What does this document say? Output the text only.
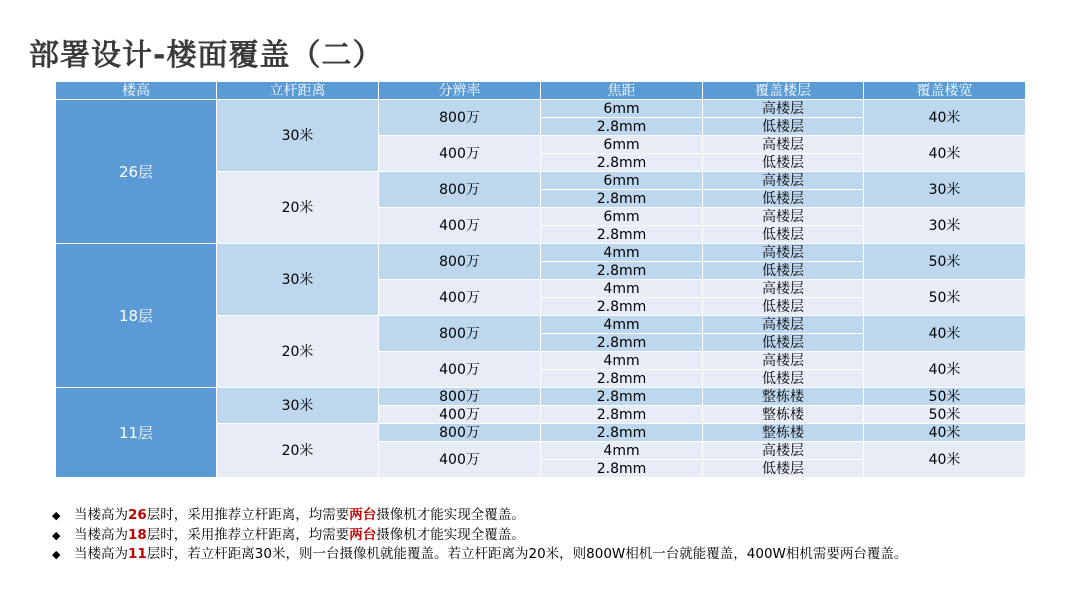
部署设计-楼面覆盖（二）
楼高	立杆距离	分辨率	焦距	覆盖楼层	覆盖楼宽
26层	30米	800万	6mm	高楼层	40米
			2.8mm	低楼层	
		400万	6mm	高楼层	40米
			2.8mm	低楼层	
	20米	800万	6mm	高楼层	30米
			2.8mm	低楼层	
		400万	6mm	高楼层	30米
			2.8mm	低楼层	
18层	30米	800万	4mm	高楼层	50米
			2.8mm	低楼层	
		400万	4mm	高楼层	50米
			2.8mm	低楼层	
	20米	800万	4mm	高楼层	40米
			2.8mm	低楼层	
		400万	4mm	高楼层	40米
			2.8mm	低楼层	
11层	30米	800万	2.8mm	整栋楼	50米
		400万	2.8mm	整栋楼	50米
	20米	800万	2.8mm	整栋楼	40米
		400万	4mm	高楼层	40米
			2.8mm	低楼层	
◆ 当楼高为26层时，采用推荐立杆距离，均需要两台摄像机才能实现全覆盖。
◆ 当楼高为18层时，采用推荐立杆距离，均需要两台摄像机才能实现全覆盖。
◆ 当楼高为11层时，若立杆距离30米，则一台摄像机就能覆盖。若立杆距离为20米，则800W相机一台就能覆盖，400W相机需要两台覆盖。
